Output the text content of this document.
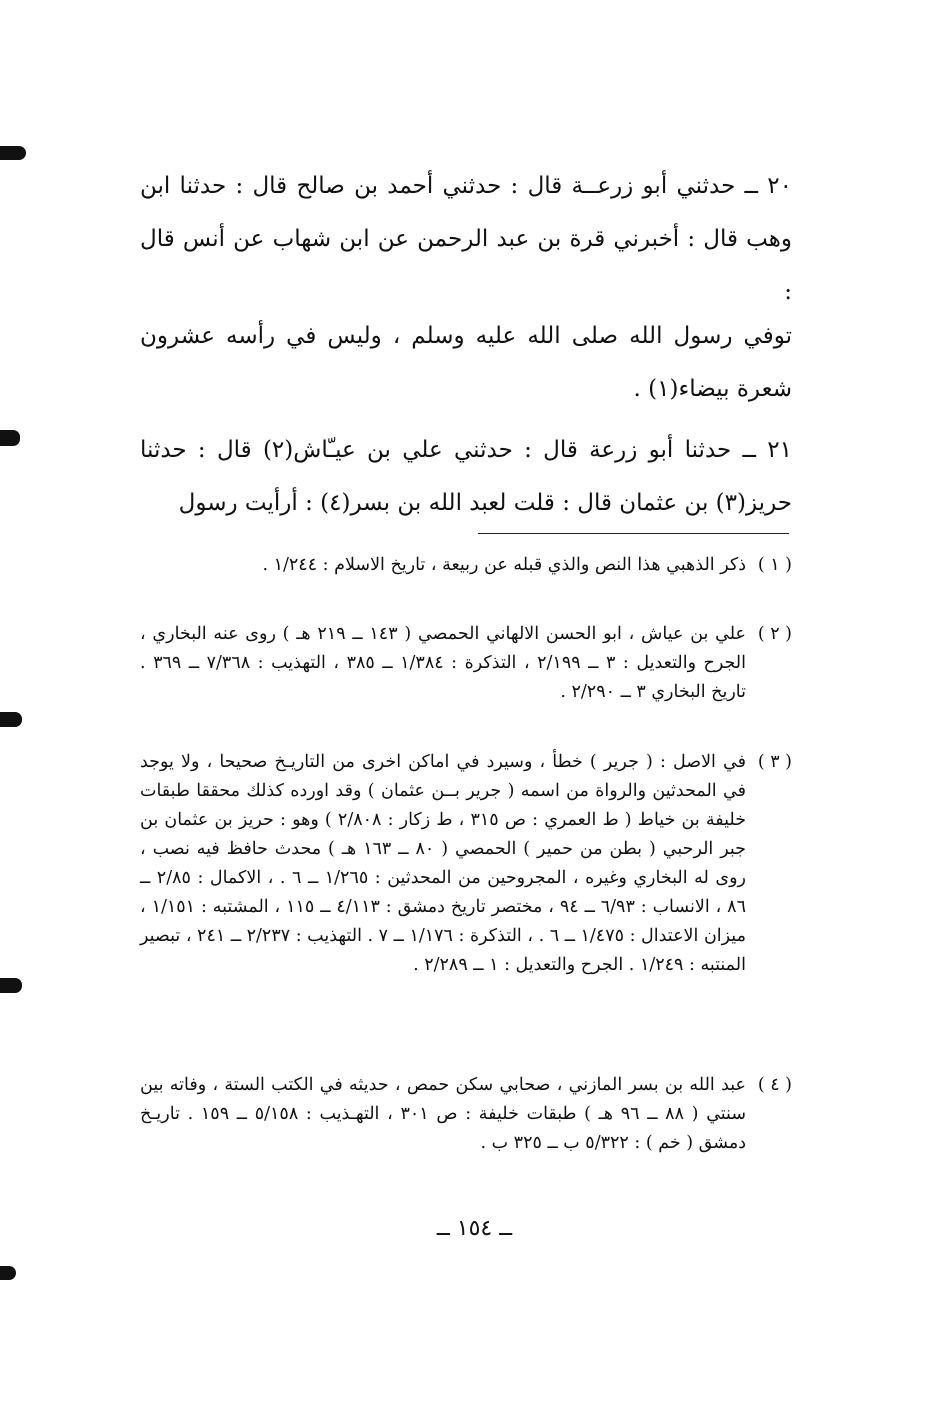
٢٠ ــ حدثني أبو زرعــة قال : حدثني أحمد بن صالح قال : حدثنا ابن وهب قال : أخبرني قرة بن عبد الرحمن عن ابن شهاب عن أنس قال :

توفي رسول الله صلى الله عليه وسلم ، وليس في رأسه عشرون شعرة بيضاء(١) .

٢١ ــ حدثنا أبو زرعة قال : حدثني علي بن عيـّاش(٢) قال : حدثنا حريز(٣) بن عثمان قال : قلت لعبد الله بن بسر(٤) : أرأيت رسول

( ١ )
ذكر الذهبي هذا النص والذي قبله عن ربيعة ، تاريخ الاسلام : ١/٢٤٤ .

( ٢ )
علي بن عياش ، ابو الحسن الالهاني الحمصي ( ١٤٣ ــ ٢١٩ هـ ) روى عنه البخاري ، الجرح والتعديل : ٣ ــ ٢/١٩٩ ، التذكرة : ١/٣٨٤ ــ ٣٨٥ ، التهذيب : ٧/٣٦٨ ــ ٣٦٩ . تاريخ البخاري ٣ ــ ٢/٢٩٠ .

( ٣ )
في الاصل : ( جرير ) خطأ ، وسيرد في اماكن اخرى من التاريـخ صحيحا ، ولا يوجد في المحدثين والرواة من اسمه ( جرير بــن عثمان ) وقد اورده كذلك محققا طبقات خليفة بن خياط ( ط العمري : ص ٣١٥ ، ط زكار : ٢/٨٠٨ ) وهو : حريز بن عثمان بن جبر الرحبي ( بطن من حمير ) الحمصي ( ٨٠ ــ ١٦٣ هـ ) محدث حافظ فيه نصب ، روى له البخاري وغيره ، المجروحين من المحدثين : ١/٢٦٥ ــ ٦ . ، الاكمال : ٢/٨٥ ــ ٨٦ ، الانساب : ٦/٩٣ ــ ٩٤ ، مختصر تاريخ دمشق : ٤/١١٣ ــ ١١٥ ، المشتبه : ١/١٥١ ، ميزان الاعتدال : ١/٤٧٥ ــ ٦ . ، التذكرة : ١/١٧٦ ــ ٧ . التهذيب : ٢/٢٣٧ ــ ٢٤١ ، تبصير المنتبه : ١/٢٤٩ . الجرح والتعديل : ١ ــ ٢/٢٨٩ .

( ٤ )
عبد الله بن بسر المازني ، صحابي سكن حمص ، حديثه في الكتب الستة ، وفاته بين سنتي ( ٨٨ ــ ٩٦ هـ ) طبقات خليفة : ص ٣٠١ ، التهـذيب : ٥/١٥٨ ــ ١٥٩ . تاريـخ دمشق ( خم ) : ٥/٣٢٢ ب ــ ٣٢٥ ب .

ــ ١٥٤ ــ
